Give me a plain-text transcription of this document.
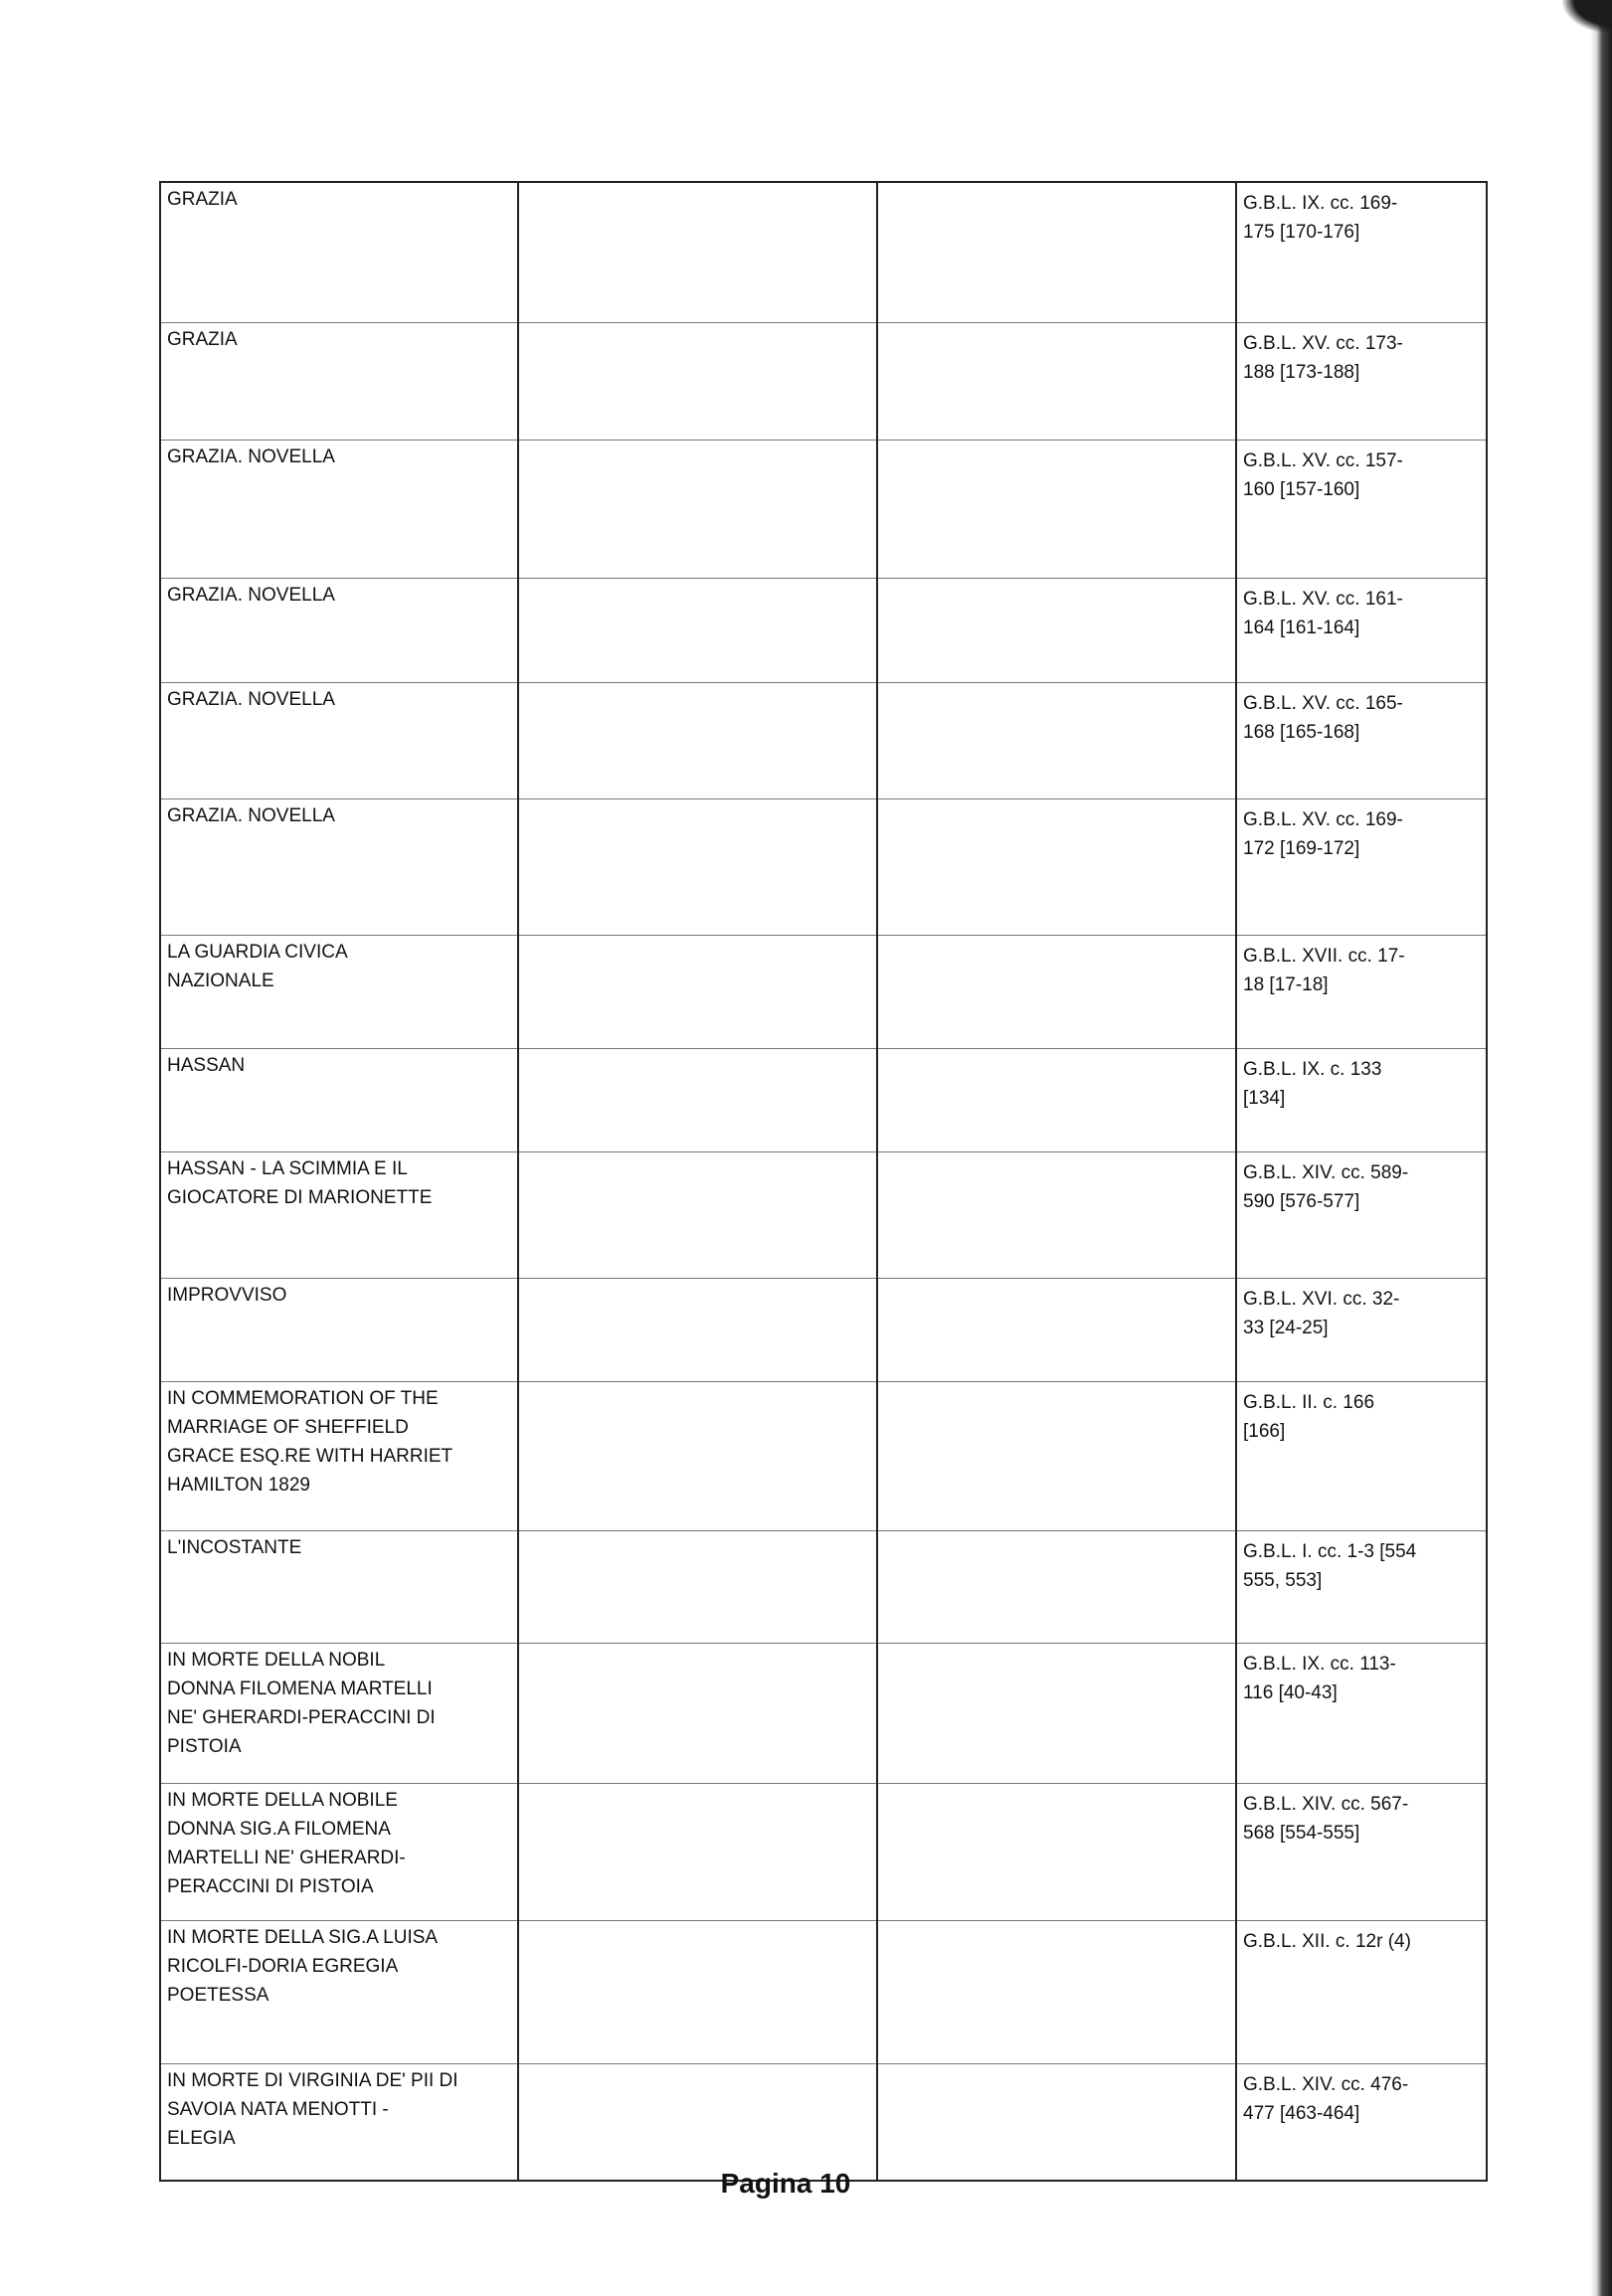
GRAZIA			G.B.L. IX. cc. 169-
175 [170-176]

GRAZIA			G.B.L. XV. cc. 173-
188 [173-188]

GRAZIA. NOVELLA			G.B.L. XV. cc. 157-
160 [157-160]

GRAZIA. NOVELLA			G.B.L. XV. cc. 161-
164 [161-164]

GRAZIA. NOVELLA			G.B.L. XV. cc. 165-
168 [165-168]

GRAZIA. NOVELLA			G.B.L. XV. cc. 169-
172 [169-172]

LA GUARDIA CIVICA
NAZIONALE			G.B.L. XVII. cc. 17-
18 [17-18]

HASSAN			G.B.L. IX. c. 133
[134]

HASSAN - LA SCIMMIA E IL
GIOCATORE DI MARIONETTE			G.B.L. XIV. cc. 589-
590 [576-577]

IMPROVVISO			G.B.L. XVI. cc. 32-
33 [24-25]

IN COMMEMORATION OF THE
MARRIAGE OF SHEFFIELD
GRACE ESQ.RE WITH HARRIET
HAMILTON 1829			G.B.L. II. c. 166
[166]

L'INCOSTANTE			G.B.L. I. cc. 1-3 [554
555, 553]

IN MORTE DELLA NOBIL
DONNA FILOMENA MARTELLI
NE' GHERARDI-PERACCINI DI
PISTOIA			G.B.L. IX. cc. 113-
116 [40-43]

IN MORTE DELLA NOBILE
DONNA SIG.A FILOMENA
MARTELLI NE' GHERARDI-
PERACCINI DI PISTOIA			G.B.L. XIV. cc. 567-
568 [554-555]

IN MORTE DELLA SIG.A LUISA
RICOLFI-DORIA EGREGIA
POETESSA			G.B.L. XII. c. 12r (4)

IN MORTE DI VIRGINIA DE' PII DI
SAVOIA NATA MENOTTI -
ELEGIA			G.B.L. XIV. cc. 476-
477 [463-464]
Pagina 10
